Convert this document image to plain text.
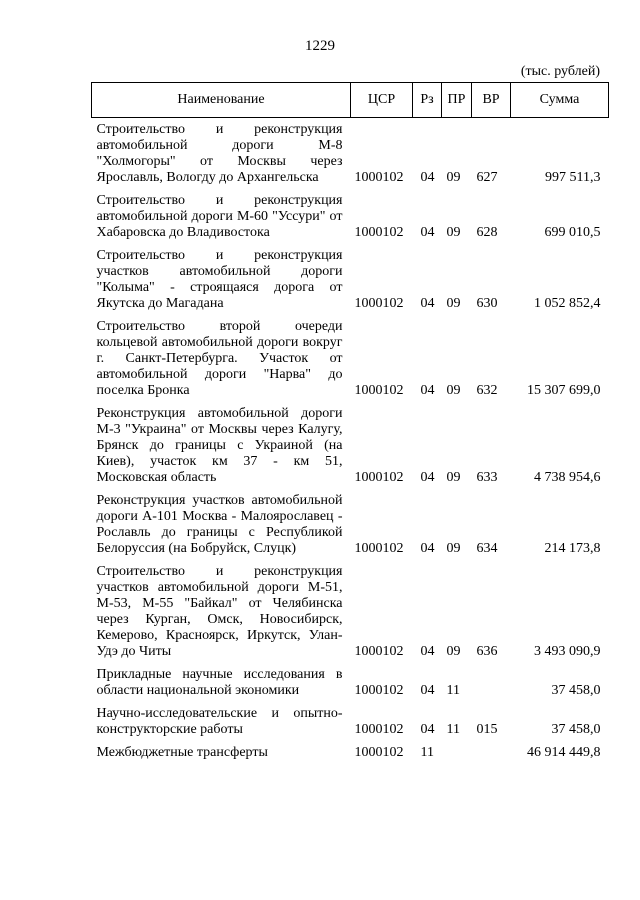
1229
(тыс. рублей)
Наименование	ЦСР	Рз	ПР	ВР	Сумма
Строительство и реконструкция автомобильной дороги М-8 "Холмогоры" от Москвы через Ярославль, Вологду до Архангельска	1000102	04	09	627	997 511,3
Строительство и реконструкция автомобильной дороги М-60 "Уссури" от Хабаровска до Владивостока	1000102	04	09	628	699 010,5
Строительство и реконструкция участков автомобильной дороги "Колыма" - строящаяся дорога от Якутска до Магадана	1000102	04	09	630	1 052 852,4
Строительство второй очереди кольцевой автомобильной дороги вокруг г. Санкт-Петербурга. Участок от автомобильной дороги "Нарва" до поселка Бронка	1000102	04	09	632	15 307 699,0
Реконструкция автомобильной дороги М-3 "Украина" от Москвы через Калугу, Брянск до границы с Украиной (на Киев), участок км 37 - км 51, Московская область	1000102	04	09	633	4 738 954,6
Реконструкция участков автомобильной дороги А-101 Москва - Малоярославец - Рославль до границы с Республикой Белоруссия (на Бобруйск, Слуцк)	1000102	04	09	634	214 173,8
Строительство и реконструкция участков автомобильной дороги М-51, М-53, М-55 "Байкал" от Челябинска через Курган, Омск, Новосибирск, Кемерово, Красноярск, Иркутск, Улан-Удэ до Читы	1000102	04	09	636	3 493 090,9
Прикладные научные исследования в области национальной экономики	1000102	04	11		37 458,0
Научно-исследовательские и опытно-конструкторские работы	1000102	04	11	015	37 458,0
Межбюджетные трансферты	1000102	11			46 914 449,8
